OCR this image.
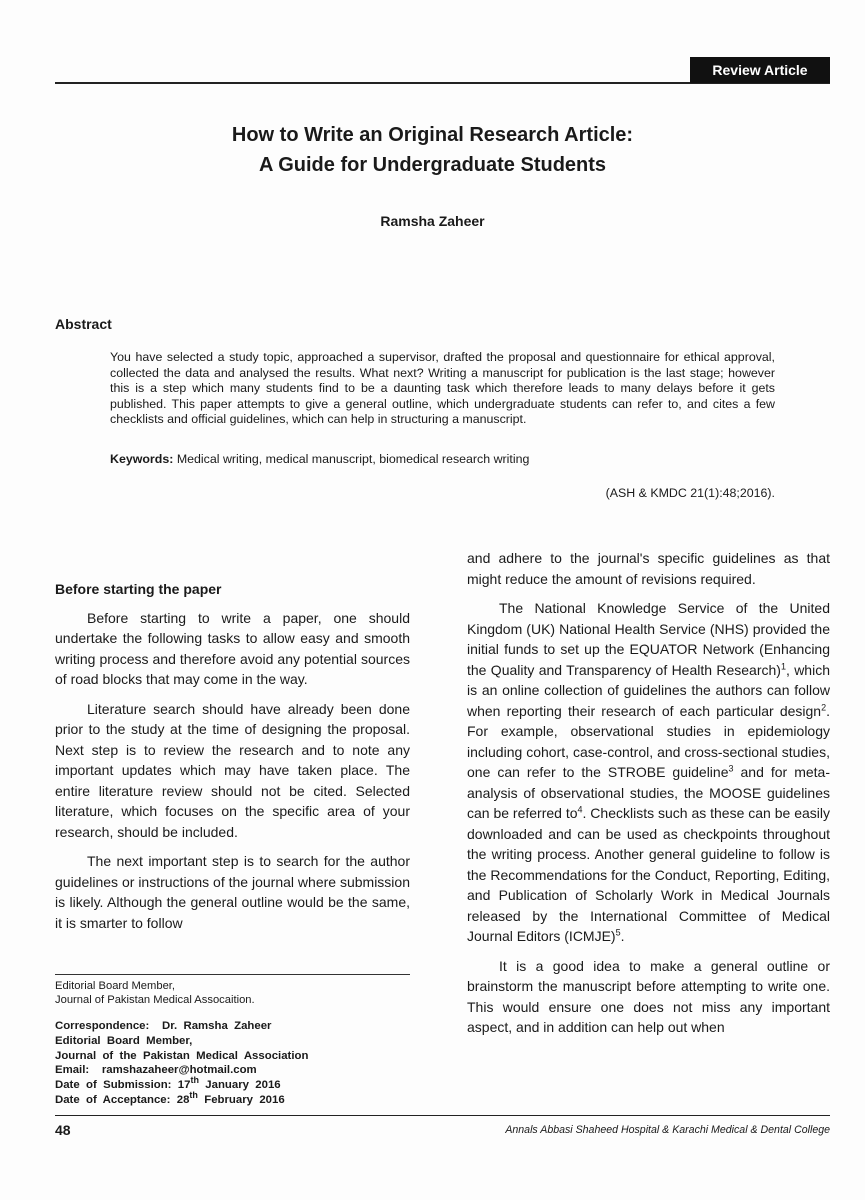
Review Article
How to Write an Original Research Article:
A Guide for Undergraduate Students
Ramsha Zaheer
Abstract
You have selected a study topic, approached a supervisor, drafted the proposal and questionnaire for ethical approval, collected the data and analysed the results. What next? Writing a manuscript for publication is the last stage; however this is a step which many students find to be a daunting task which therefore leads to many delays before it gets published. This paper attempts to give a general outline, which undergraduate students can refer to, and cites a few checklists and official guidelines, which can help in structuring a manuscript.
Keywords: Medical writing, medical manuscript, biomedical research writing
(ASH & KMDC 21(1):48;2016).
Before starting the paper

Before starting to write a paper, one should undertake the following tasks to allow easy and smooth writing process and therefore avoid any potential sources of road blocks that may come in the way.

Literature search should have already been done prior to the study at the time of designing the proposal. Next step is to review the research and to note any important updates which may have taken place. The entire literature review should not be cited. Selected literature, which focuses on the specific area of your research, should be included.

The next important step is to search for the author guidelines or instructions of the journal where submission is likely. Although the general outline would be the same, it is smarter to follow

and adhere to the journal's specific guidelines as that might reduce the amount of revisions required.

The National Knowledge Service of the United Kingdom (UK) National Health Service (NHS) provided the initial funds to set up the EQUATOR Network (Enhancing the Quality and Transparency of Health Research)$^1$, which is an online collection of guidelines the authors can follow when reporting their research of each particular design$^2$. For example, observational studies in epidemiology including cohort, case-control, and cross-sectional studies, one can refer to the STROBE guideline$^3$ and for meta-analysis of observational studies, the MOOSE guidelines can be referred $to^4$. Checklists such as these can be easily downloaded and can be used as checkpoints throughout the writing process. Another general guideline to follow is the Recommendations for the Conduct, Reporting, Editing, and Publication of Scholarly Work in Medical Journals released by the International Committee of Medical Journal Editors (ICMJE)$^5$.

It is a good idea to make a general outline or brainstorm the manuscript before attempting to write one. This would ensure one does not miss any important aspect, and in addition can help out when

Editorial Board Member,
Journal of Pakistan Medical Assocaition.
Correspondence:    Dr.  Ramsha  Zaheer
Editorial  Board  Member,
Journal  of  the  Pakistan  Medical  Association
Email:    ramshazaheer@hotmail.com
Date  of  Submission:  17th  January  2016
Date  of  Acceptance:  28th  February  2016
48	Annals Abbasi Shaheed Hospital & Karachi Medical & Dental College
